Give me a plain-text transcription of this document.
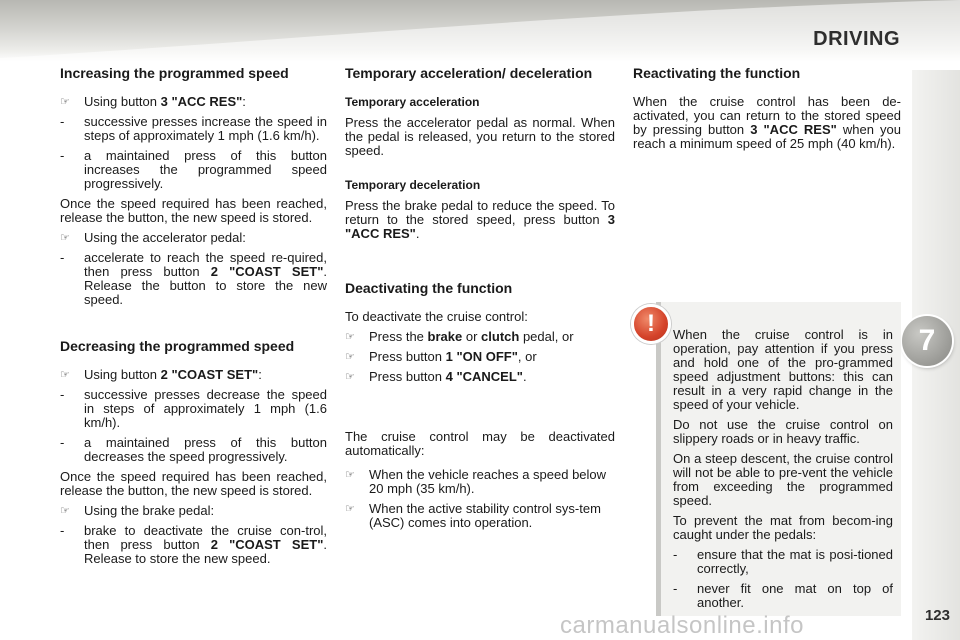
DRIVING
7
Increasing the programmed speed
☞	Using button 3 "ACC RES":
-	successive presses increase the speed in steps of approximately 1 mph (1.6 km/h).
-	a maintained press of this button increases the programmed speed progressively.

Once the speed required has been reached, release the button, the new speed is stored.

☞	Using the accelerator pedal:
-	accelerate to reach the speed re-quired, then press button 2 "COAST SET". Release the button to store the new speed.
Decreasing the programmed speed
☞	Using button 2 "COAST SET":
-	successive presses decrease the speed in steps of approximately 1 mph (1.6 km/h).
-	a maintained press of this button decreases the speed progressively.

Once the speed required has been reached, release the button, the new speed is stored.

☞	Using the brake pedal:
-	brake to deactivate the cruise con-trol, then press button 2 "COAST SET". Release to store the new speed.
Temporary acceleration/ deceleration
Temporary acceleration

Press the accelerator pedal as normal. When the pedal is released, you return to the stored speed.

Temporary deceleration

Press the brake pedal to reduce the speed. To return to the stored speed, press button 3 "ACC RES".

Deactivating the function

To deactivate the cruise control:

☞	Press the brake or clutch pedal, or
☞	Press button 1 "ON OFF", or
☞	Press button 4 "CANCEL".

The cruise control may be deactivated automatically:

☞	When the vehicle reaches a speed below 20 mph (35 km/h).
☞	When the active stability control sys-tem (ASC) comes into operation.
Reactivating the function

When the cruise control has been de-activated, you can return to the stored speed by pressing button 3 "ACC RES" when you reach a minimum speed of 25 mph (40 km/h).

!	When the cruise control is in operation, pay attention if you press and hold one of the pro-grammed speed adjustment buttons: this can result in a very rapid change in the speed of your vehicle.

Do not use the cruise control on slippery roads or in heavy traffic.

On a steep descent, the cruise control will not be able to pre-vent the vehicle from exceeding the programmed speed.

To prevent the mat from becom-ing caught under the pedals:

-	ensure that the mat is posi-tioned correctly,
-	never fit one mat on top of another.
carmanualsonline.info	123
